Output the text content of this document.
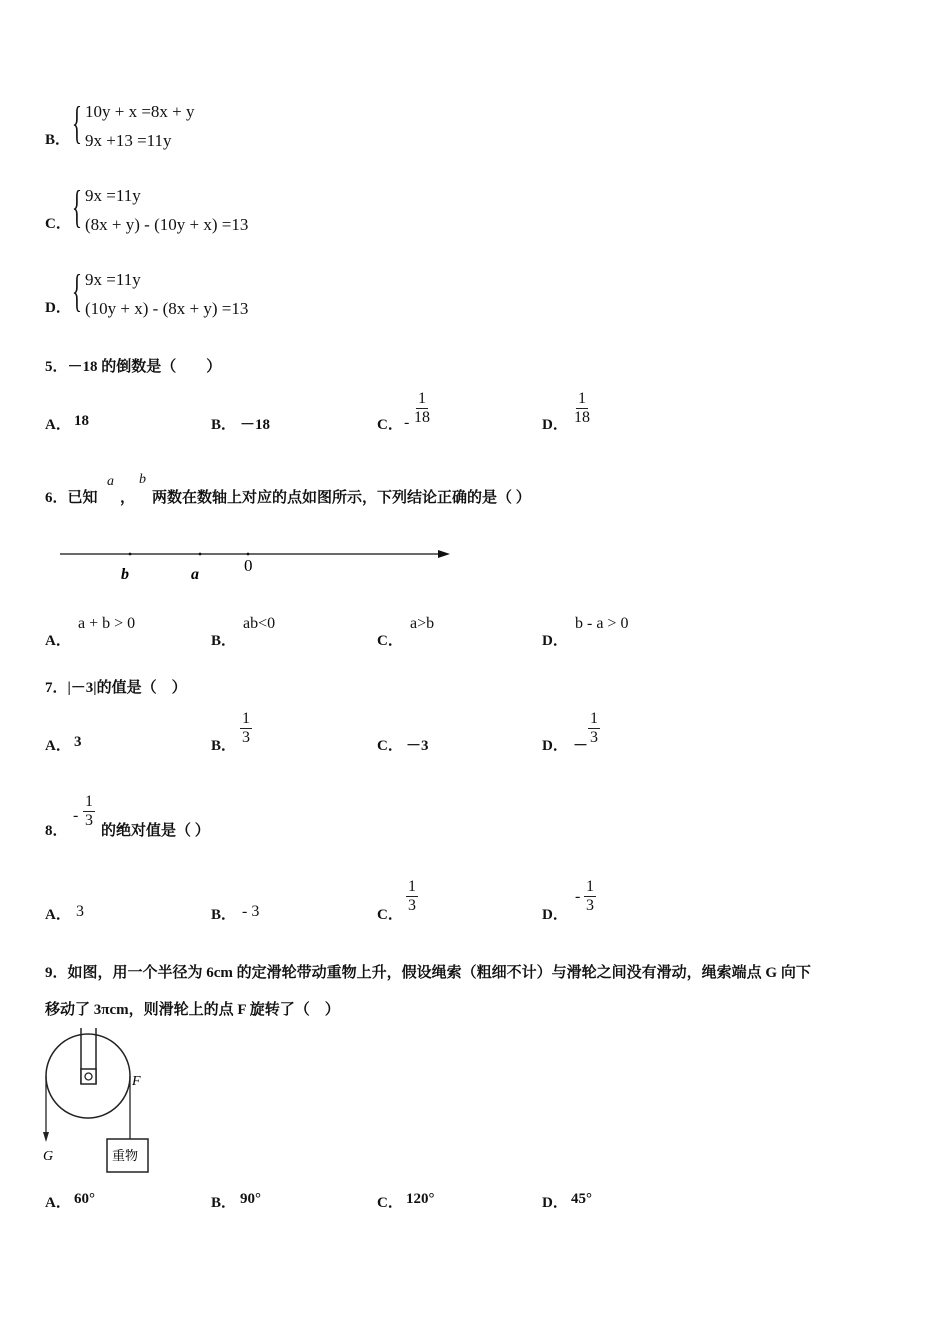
B． { 10y + x =8x + y
9x +13 =11y
C． { 9x =11y
(8x + y) - (10y + x) =13
D． { 9x =11y
(10y + x) - (8x + y) =13
5．－18 的倒数是（　　）
A． 18	B． －18	C． - $\frac{1}{18}$	D． $\frac{1}{18}$
6．已知
a
，
b
两数在数轴上对应的点如图所示，下列结论正确的是（ ）
b	a	0
A．
a + b > 0
B．
ab<0
C．
a>b
D．
b - a > 0
7．|－3|的值是（　）
A． 3	B． $\frac{1}{3}$	C． －3	D． － $\frac{1}{3}$
8．
- $\frac{1}{3}$
的绝对值是（ ）
A． 3	B． - 3	C． $\frac{1}{3}$	D．
- $\frac{1}{3}$
9．如图，用一个半径为 6cm 的定滑轮带动重物上升，假设绳索（粗细不计）与滑轮之间没有滑动，绳索端点 G 向下
移动了 3πcm，则滑轮上的点 F 旋转了（　）
重物
F
G
A． 60°	B． 90°	C． 120°	D． 45°
